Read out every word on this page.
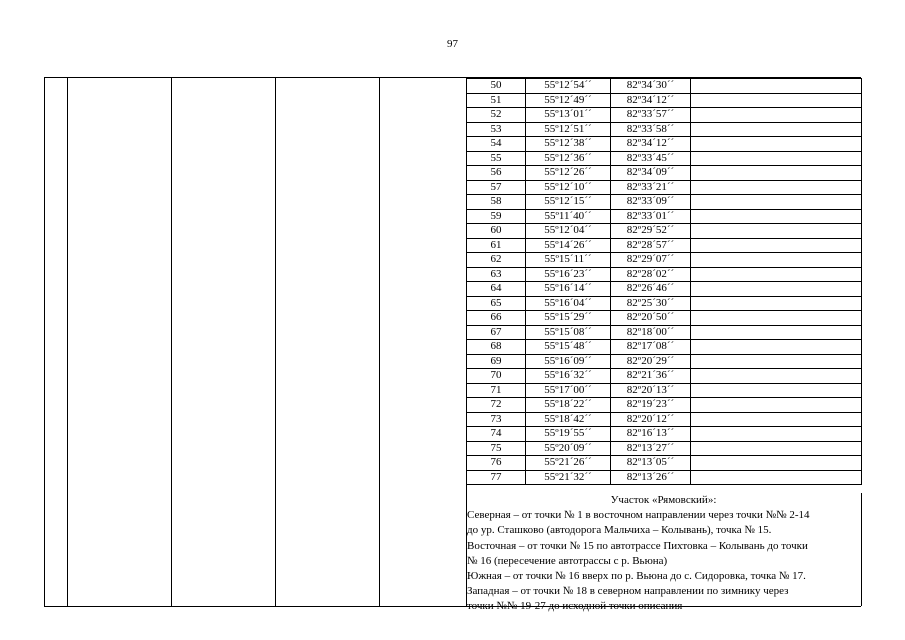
97
50	55º12´54´´	82º34´30´´	
51	55º12´49´´	82º34´12´´	
52	55º13´01´´	82º33´57´´	
53	55º12´51´´	82º33´58´´	
54	55º12´38´´	82º34´12´´	
55	55º12´36´´	82º33´45´´	
56	55º12´26´´	82º34´09´´	
57	55º12´10´´	82º33´21´´	
58	55º12´15´´	82º33´09´´	
59	55º11´40´´	82º33´01´´	
60	55º12´04´´	82º29´52´´	
61	55º14´26´´	82º28´57´´	
62	55º15´11´´	82º29´07´´	
63	55º16´23´´	82º28´02´´	
64	55º16´14´´	82º26´46´´	
65	55º16´04´´	82º25´30´´	
66	55º15´29´´	82º20´50´´	
67	55º15´08´´	82º18´00´´	
68	55º15´48´´	82º17´08´´	
69	55º16´09´´	82º20´29´´	
70	55º16´32´´	82º21´36´´	
71	55º17´00´´	82º20´13´´	
72	55º18´22´´	82º19´23´´	
73	55º18´42´´	82º20´12´´	
74	55º19´55´´	82º16´13´´	
75	55º20´09´´	82º13´27´´	
76	55º21´26´´	82º13´05´´	
77	55º21´32´´	82º13´26´´	
Участок «Рямовский»:
Северная – от точки № 1 в восточном направлении через точки №№ 2-14
до ур. Сташково (автодорога Мальчиха – Колывань), точка № 15.
Восточная – от точки № 15 по автотрассе Пихтовка – Колывань до точки
№ 16 (пересечение автотрассы с р. Вьюна)
Южная – от точки № 16 вверх по р. Вьюна до с. Сидоровка, точка № 17.
Западная – от точки № 18 в северном направлении по зимнику через
точки №№ 19-27 до исходной точки описания
